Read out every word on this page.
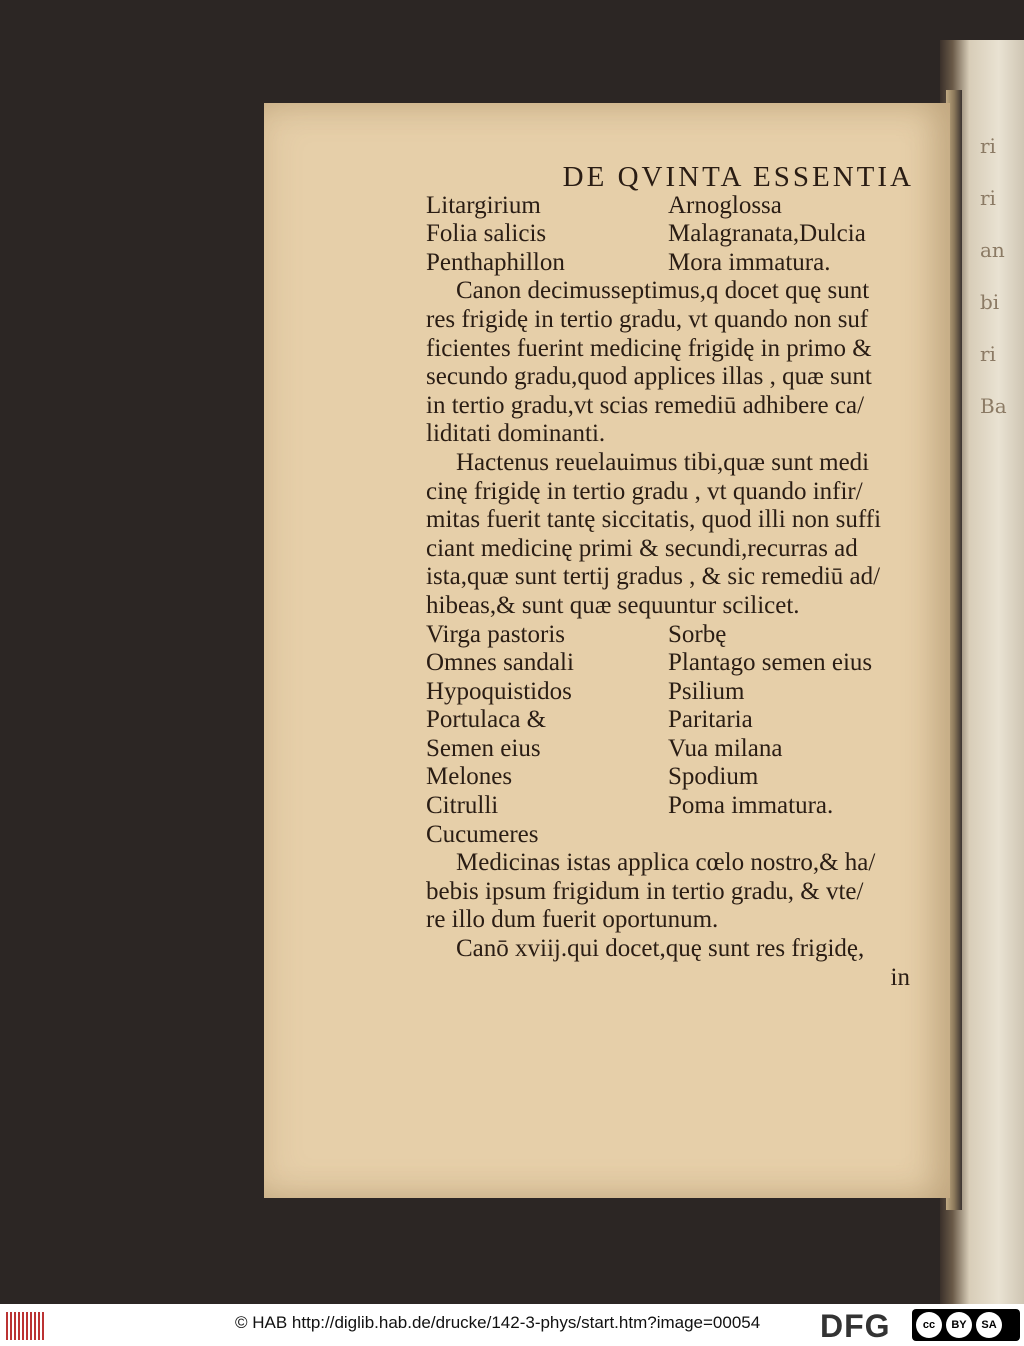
ri
ri
an
bi
ri
Ba
DE QVINTA ESSENTIA
Litargirium	Arnoglossa
Folia salicis	Malagranata,Dulcia
Penthaphillon	Mora immatura.
Canon decimusseptimus,q docet quę sunt
res frigidę in tertio gradu, vt quando non suf
ficientes fuerint medicinę frigidę in primo &
secundo gradu,quod applices illas , quæ sunt
in tertio gradu,vt scias remediū adhibere ca/
liditati dominanti.
Hactenus reuelauimus tibi,quæ sunt medi
cinę frigidę in tertio gradu , vt quando infir/
mitas fuerit tantę siccitatis, quod illi non suffi
ciant medicinę primi & secundi,recurras ad
ista,quæ sunt tertij gradus , & sic remediū ad/
hibeas,& sunt quæ sequuntur scilicet.
Virga pastoris	Sorbę
Omnes sandali	Plantago semen eius
Hypoquistidos	Psilium
Portulaca &	Paritaria
Semen eius	Vua milana
Melones	Spodium
Citrulli	Poma immatura.
Cucumeres
Medicinas istas applica cœlo nostro,& ha/
bebis ipsum frigidum in tertio gradu, & vte/
re illo dum fuerit oportunum.
Canō xviij.qui docet,quę sunt res frigidę,
in
© HAB http://diglib.hab.de/drucke/142-3-phys/start.htm?image=00054 DFG	cc	BY	SA
